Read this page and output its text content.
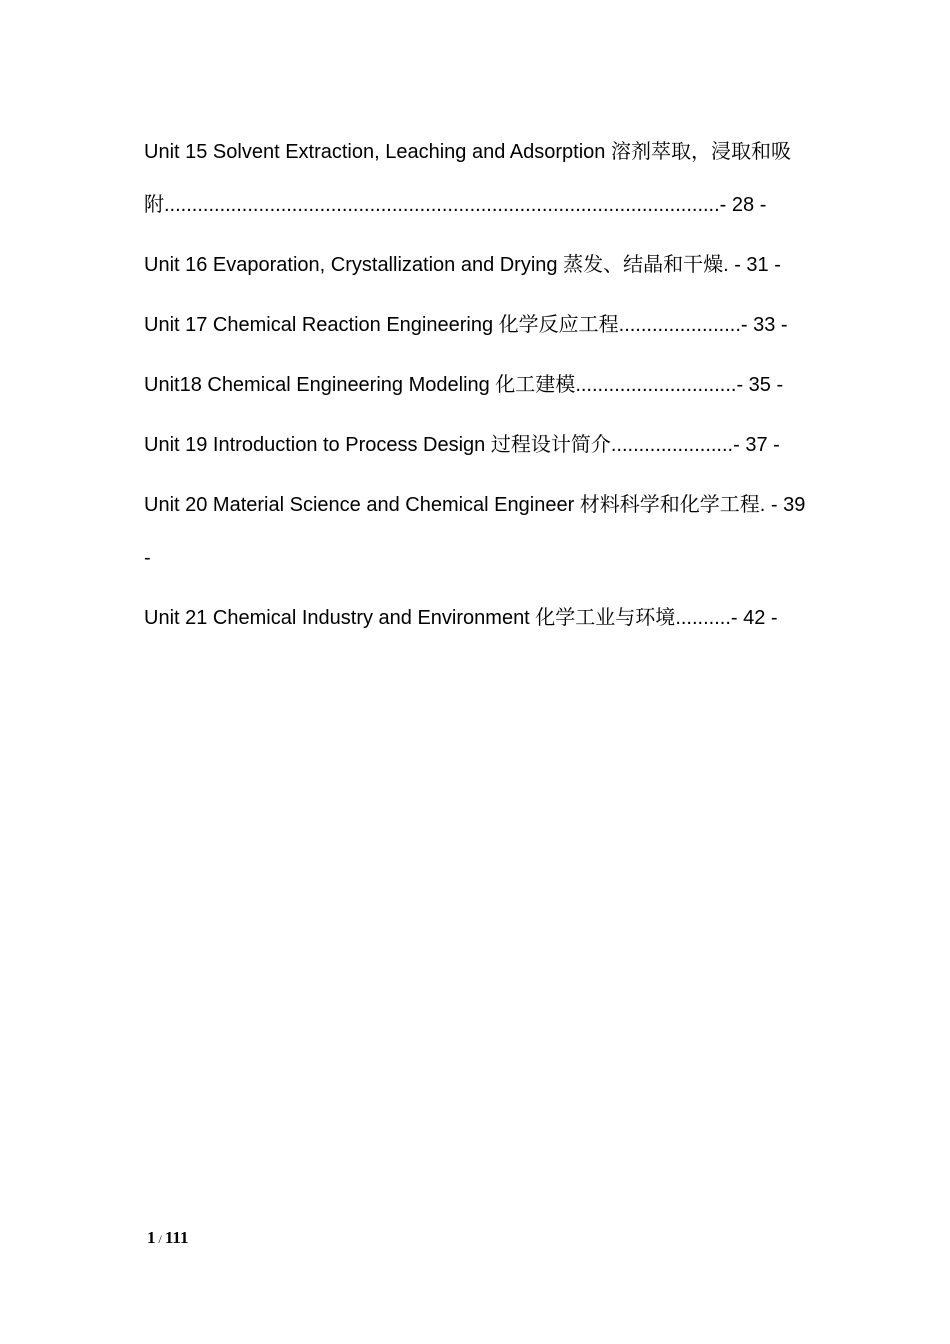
Unit 15 Solvent Extraction, Leaching and Adsorption 溶剂萃取，浸取和吸附....................................................................................................- 28 -
Unit 16 Evaporation, Crystallization and Drying 蒸发、结晶和干燥. - 31 -
Unit 17 Chemical Reaction Engineering 化学反应工程......................- 33 -
Unit18 Chemical Engineering Modeling 化工建模.............................- 35 -
Unit 19 Introduction to Process Design 过程设计简介......................- 37 -
Unit 20 Material Science and Chemical Engineer 材料科学和化学工程. - 39 -
Unit 21 Chemical Industry and Environment 化学工业与环境..........- 42 -
1 / 111
